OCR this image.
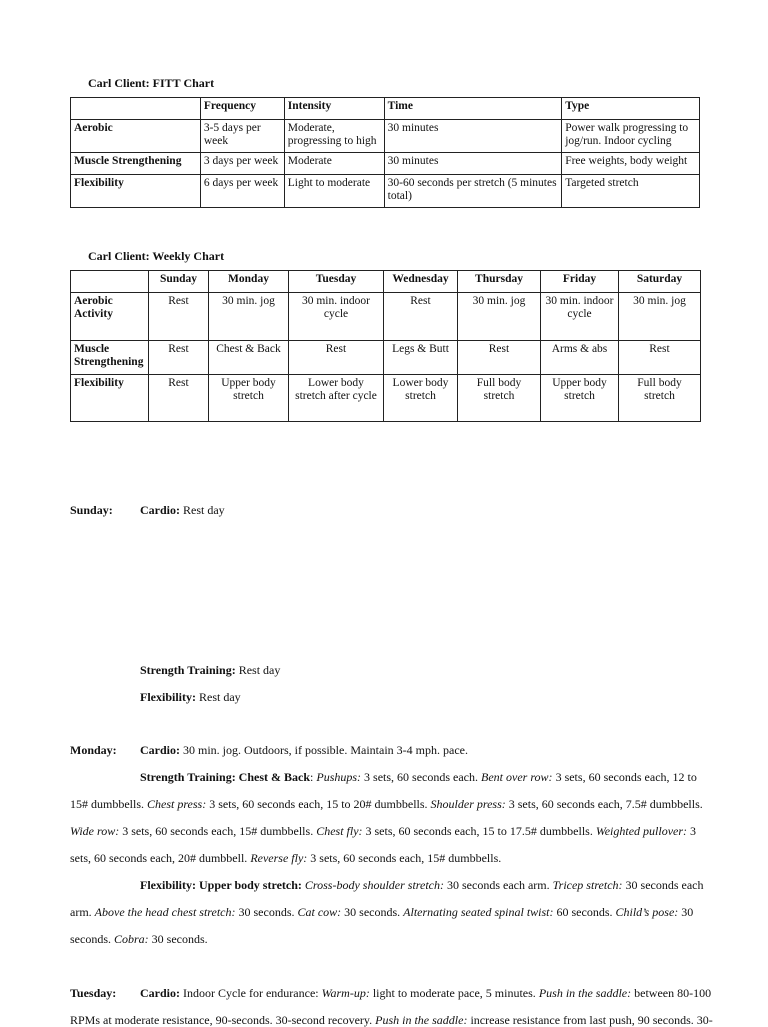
Carl Client: FITT Chart
	Frequency	Intensity	Time	Type
Aerobic	3-5 days per week	Moderate, progressing to high	30 minutes	Power walk progressing to jog/run. Indoor cycling
Muscle Strengthening	3 days per week	Moderate	30 minutes	Free weights, body weight
Flexibility	6 days per week	Light to moderate	30-60 seconds per stretch (5 minutes total)	Targeted stretch
Carl Client: Weekly Chart
	Sunday	Monday	Tuesday	Wednesday	Thursday	Friday	Saturday
Aerobic Activity	Rest	30 min. jog	30 min. indoor cycle	Rest	30 min. jog	30 min. indoor cycle	30 min. jog
Muscle Strengthening	Rest	Chest & Back	Rest	Legs & Butt	Rest	Arms & abs	Rest
Flexibility	Rest	Upper body stretch	Lower body stretch after cycle	Lower body stretch	Full body stretch	Upper body stretch	Full body stretch
Sunday: Cardio: Rest day
Strength Training: Rest day
Flexibility: Rest day
Monday: Cardio: 30 min. jog. Outdoors, if possible. Maintain 3-4 mph. pace.
Strength Training: Chest & Back: Pushups: 3 sets, 60 seconds each. Bent over row: 3 sets, 60 seconds each, 12 to
15# dumbbells. Chest press: 3 sets, 60 seconds each, 15 to 20# dumbbells. Shoulder press: 3 sets, 60 seconds each, 7.5# dumbbells.
Wide row: 3 sets, 60 seconds each, 15# dumbbells. Chest fly: 3 sets, 60 seconds each, 15 to 17.5# dumbbells. Weighted pullover: 3
sets, 60 seconds each, 20# dumbbell. Reverse fly: 3 sets, 60 seconds each, 15# dumbbells.
Flexibility: Upper body stretch: Cross-body shoulder stretch: 30 seconds each arm. Tricep stretch: 30 seconds each
arm. Above the head chest stretch: 30 seconds. Cat cow: 30 seconds. Alternating seated spinal twist: 60 seconds. Child’s pose: 30
seconds. Cobra: 30 seconds.
Tuesday: Cardio: Indoor Cycle for endurance: Warm-up: light to moderate pace, 5 minutes. Push in the saddle: between 80-100
RPMs at moderate resistance, 90-seconds. 30-second recovery. Push in the saddle: increase resistance from last push, 90 seconds. 30-
